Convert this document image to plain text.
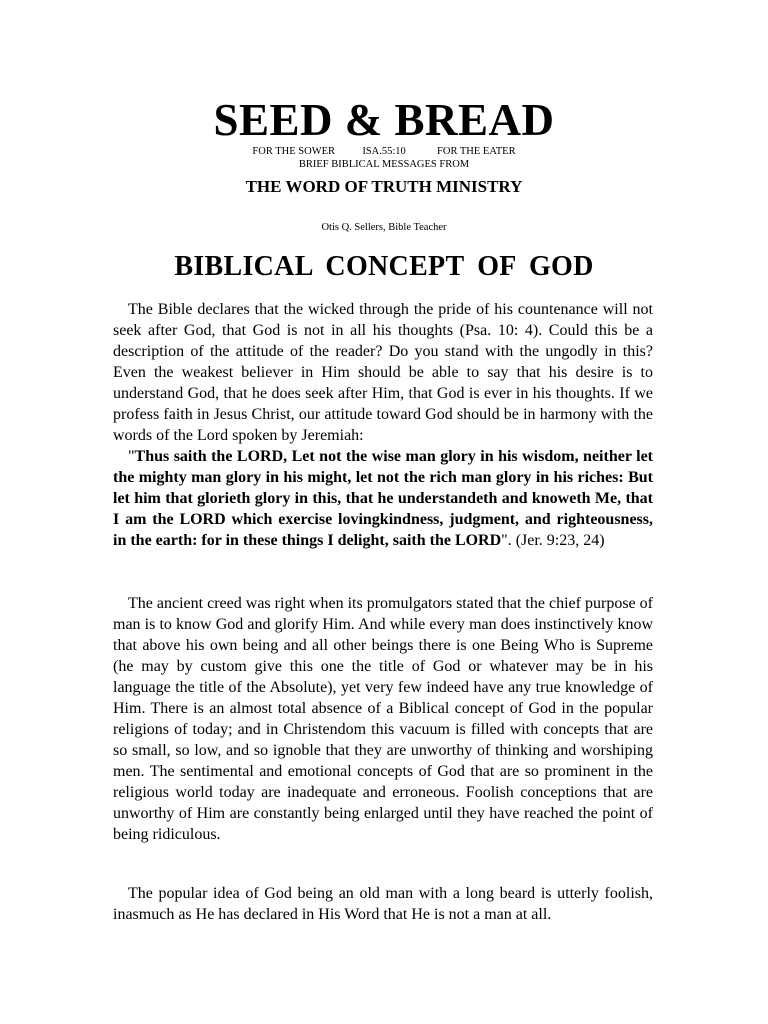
SEED & BREAD
FOR THE SOWER	ISA.55:10	FOR THE EATER
BRIEF BIBLICAL MESSAGES FROM
THE WORD OF TRUTH MINISTRY
Otis Q. Sellers, Bible Teacher
BIBLICAL CONCEPT OF GOD

The Bible declares that the wicked through the pride of his countenance will not seek after God, that God is not in all his thoughts (Psa. 10: 4). Could this be a description of the attitude of the reader? Do you stand with the ungodly in this? Even the weakest believer in Him should be able to say that his desire is to understand God, that he does seek after Him, that God is ever in his thoughts. If we profess faith in Jesus Christ, our attitude toward God should be in harmony with the words of the Lord spoken by Jeremiah:

"Thus saith the LORD, Let not the wise man glory in his wisdom, neither let the mighty man glory in his might, let not the rich man glory in his riches: But let him that glorieth glory in this, that he understandeth and knoweth Me, that I am the LORD which exercise lovingkindness, judgment, and righteousness, in the earth: for in these things I delight, saith the LORD". (Jer. 9:23, 24)

The ancient creed was right when its promulgators stated that the chief purpose of man is to know God and glorify Him. And while every man does instinctively know that above his own being and all other beings there is one Being Who is Supreme (he may by custom give this one the title of God or whatever may be in his language the title of the Absolute), yet very few indeed have any true knowledge of Him. There is an almost total absence of a Biblical concept of God in the popular religions of today; and in Christendom this vacuum is filled with concepts that are so small, so low, and so ignoble that they are unworthy of thinking and worshiping men. The sentimental and emotional concepts of God that are so prominent in the religious world today are inadequate and erroneous. Foolish conceptions that are unworthy of Him are constantly being enlarged until they have reached the point of being ridiculous.

The popular idea of God being an old man with a long beard is utterly foolish, inasmuch as He has declared in His Word that He is not a man at all.
